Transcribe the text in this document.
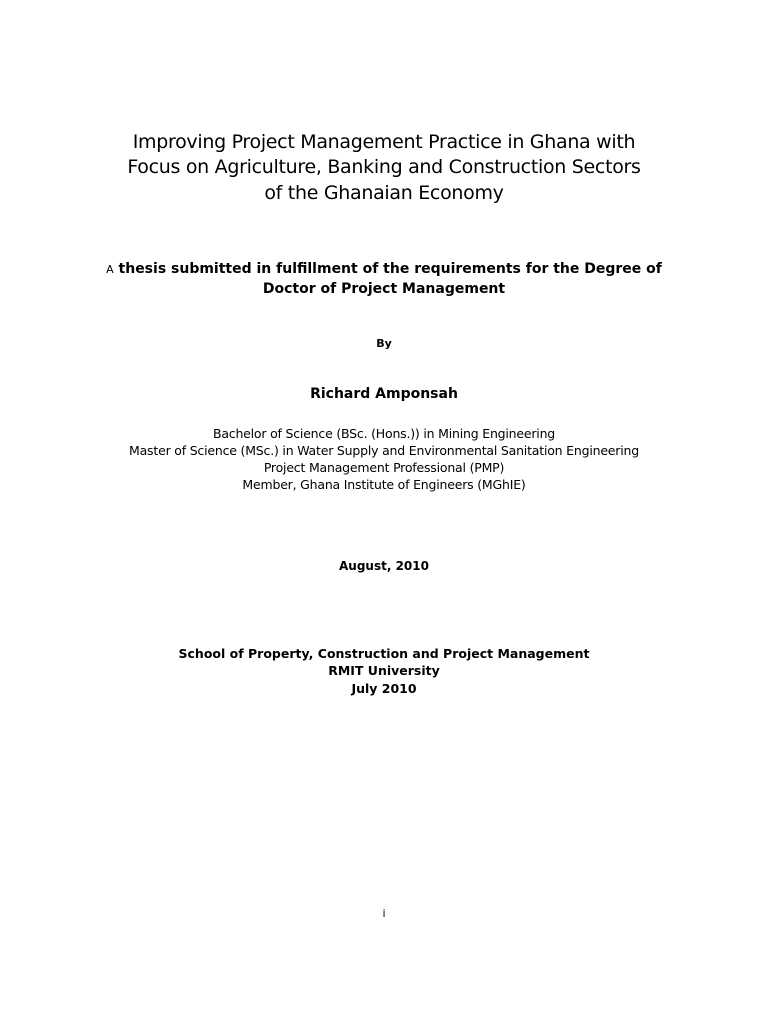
Improving Project Management Practice in Ghana with
Focus on Agriculture, Banking and Construction Sectors
of the Ghanaian Economy
A thesis submitted in fulfillment of the requirements for the Degree of
Doctor of Project Management
By
Richard Amponsah
Bachelor of Science (BSc. (Hons.)) in Mining Engineering
Master of Science (MSc.) in Water Supply and Environmental Sanitation Engineering
Project Management Professional (PMP)
Member, Ghana Institute of Engineers (MGhIE)
August, 2010
School of Property, Construction and Project Management
RMIT University
July 2010
i
